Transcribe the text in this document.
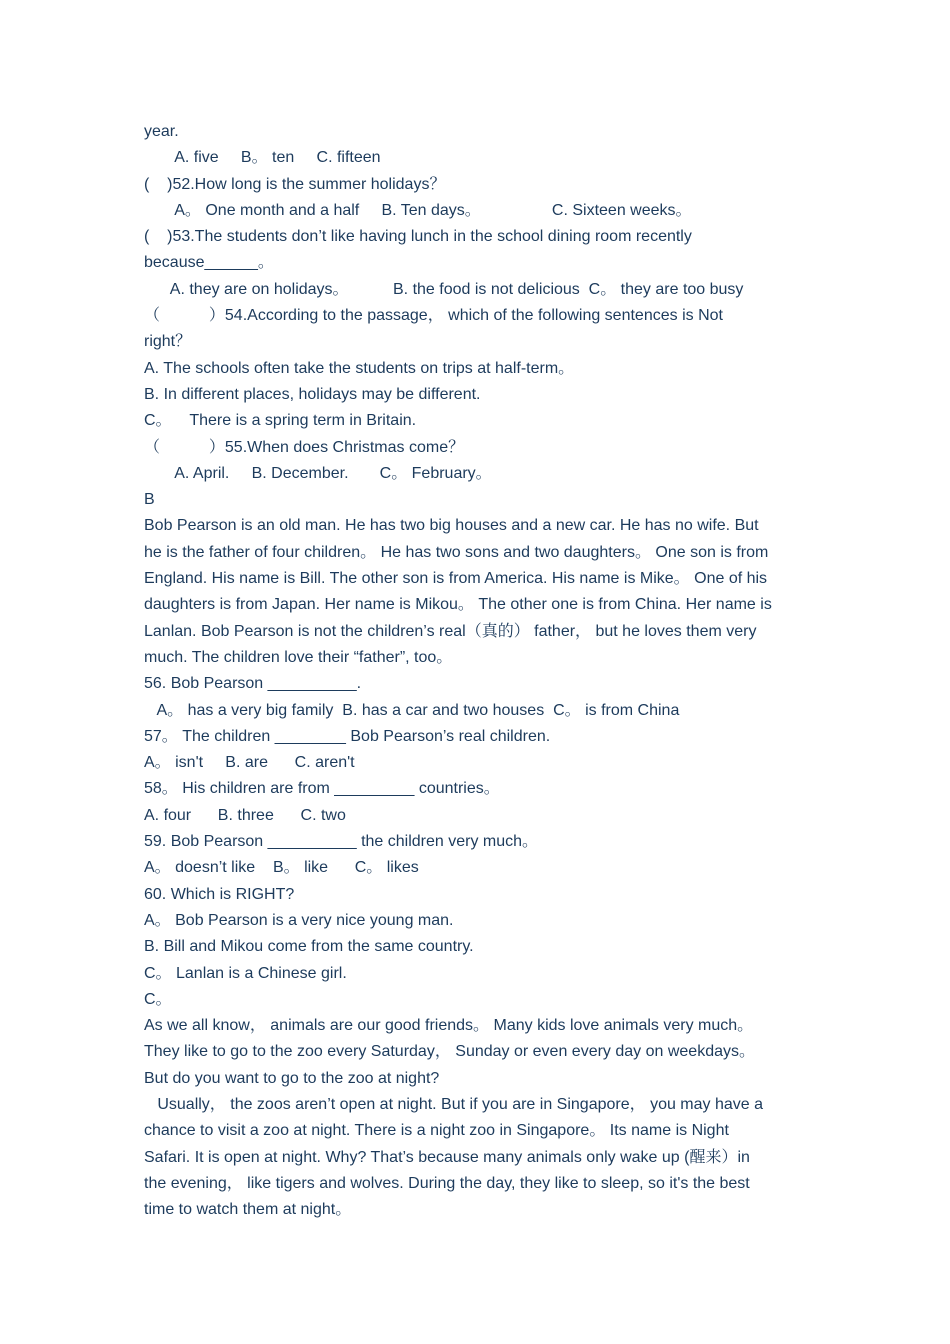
year.
A. five     B。 ten     C. fifteen
(    )52.How long is the summer holidays？
A。 One month and a half     B. Ten days。                C. Sixteen weeks。
(    )53.The students don’t like having lunch in the school dining room recently
because______。
A. they are on holidays。          B. the food is not delicious  C。 they are too busy
（           ）54.According to the passage， which of the following sentences is Not
right？
A. The schools often take the students on trips at half-term。
B. In different places, holidays may be different.
C。    There is a spring term in Britain.
（           ）55.When does Christmas come？
A. April.     B. December.       C。 February。
B
Bob Pearson is an old man. He has two big houses and a new car. He has no wife. But
he is the father of four children。 He has two sons and two daughters。 One son is from
England. His name is Bill. The other son is from America. His name is Mike。 One of his
daughters is from Japan. Her name is Mikou。 The other one is from China. Her name is
Lanlan. Bob Pearson is not the children’s real（真的） father， but he loves them very
much. The children love their “father”, too。
56. Bob Pearson __________.
A。 has a very big family  B. has a car and two houses  C。 is from China
57。 The children ________ Bob Pearson’s real children.
A。 isn't     B. are      C. aren't
58。 His children are from _________ countries。
A. four      B. three      C. two
59. Bob Pearson __________ the children very much。
A。 doesn’t like    B。 like      C。 likes
60. Which is RIGHT?
A。 Bob Pearson is a very nice young man.
B. Bill and Mikou come from the same country.
C。 Lanlan is a Chinese girl.
C。
As we all know， animals are our good friends。 Many kids love animals very much。
They like to go to the zoo every Saturday， Sunday or even every day on weekdays。
But do you want to go to the zoo at night?
Usually， the zoos aren’t open at night. But if you are in Singapore， you may have a
chance to visit a zoo at night. There is a night zoo in Singapore。 Its name is Night
Safari. It is open at night. Why? That’s because many animals only wake up (醒来）in
the evening， like tigers and wolves. During the day, they like to sleep, so it's the best
time to watch them at night。
